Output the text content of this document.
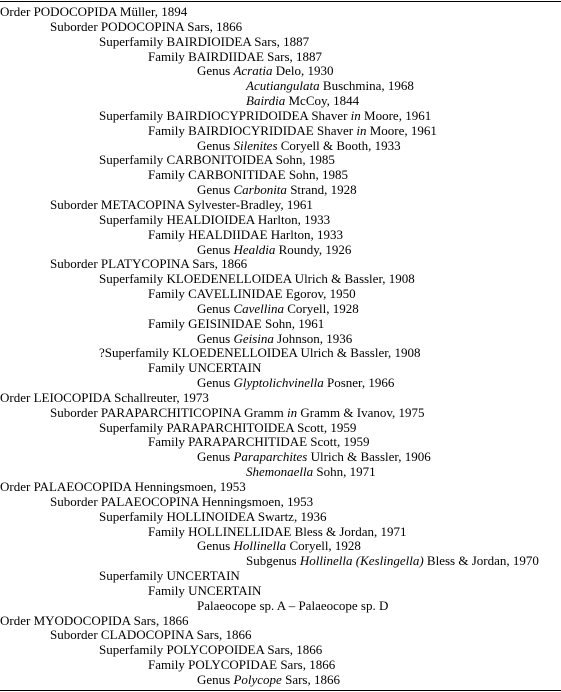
Order PODOCOPIDA Müller, 1894
Suborder PODOCOPINA Sars, 1866
Superfamily BAIRDIOIDEA Sars, 1887
Family BAIRDIIDAE Sars, 1887
Genus Acratia Delo, 1930
Acutiangulata Buschmina, 1968
Bairdia McCoy, 1844
Superfamily BAIRDIOCYPRIDOIDEA Shaver in Moore, 1961
Family BAIRDIOCYRIDIDAE Shaver in Moore, 1961
Genus Silenites Coryell & Booth, 1933
Superfamily CARBONITOIDEA Sohn, 1985
Family CARBONITIDAE Sohn, 1985
Genus Carbonita Strand, 1928
Suborder METACOPINA Sylvester-Bradley, 1961
Superfamily HEALDIOIDEA Harlton, 1933
Family HEALDIIDAE Harlton, 1933
Genus Healdia Roundy, 1926
Suborder PLATYCOPINA Sars, 1866
Superfamily KLOEDENELLOIDEA Ulrich & Bassler, 1908
Family CAVELLINIDAE Egorov, 1950
Genus Cavellina Coryell, 1928
Family GEISINIDAE Sohn, 1961
Genus Geisina Johnson, 1936
?Superfamily KLOEDENELLOIDEA Ulrich & Bassler, 1908
Family UNCERTAIN
Genus Glyptolichvinella Posner, 1966
Order LEIOCOPIDA Schallreuter, 1973
Suborder PARAPARCHITICOPINA Gramm in Gramm & Ivanov, 1975
Superfamily PARAPARCHITOIDEA Scott, 1959
Family PARAPARCHITIDAE Scott, 1959
Genus Paraparchites Ulrich & Bassler, 1906
Shemonaella Sohn, 1971
Order PALAEOCOPIDA Henningsmoen, 1953
Suborder PALAEOCOPINA Henningsmoen, 1953
Superfamily HOLLINOIDEA Swartz, 1936
Family HOLLINELLIDAE Bless & Jordan, 1971
Genus Hollinella Coryell, 1928
Subgenus Hollinella (Keslingella) Bless & Jordan, 1970
Superfamily UNCERTAIN
Family UNCERTAIN
Palaeocope sp. A – Palaeocope sp. D
Order MYODOCOPIDA Sars, 1866
Suborder CLADOCOPINA Sars, 1866
Superfamily POLYCOPOIDEA Sars, 1866
Family POLYCOPIDAE Sars, 1866
Genus Polycope Sars, 1866
